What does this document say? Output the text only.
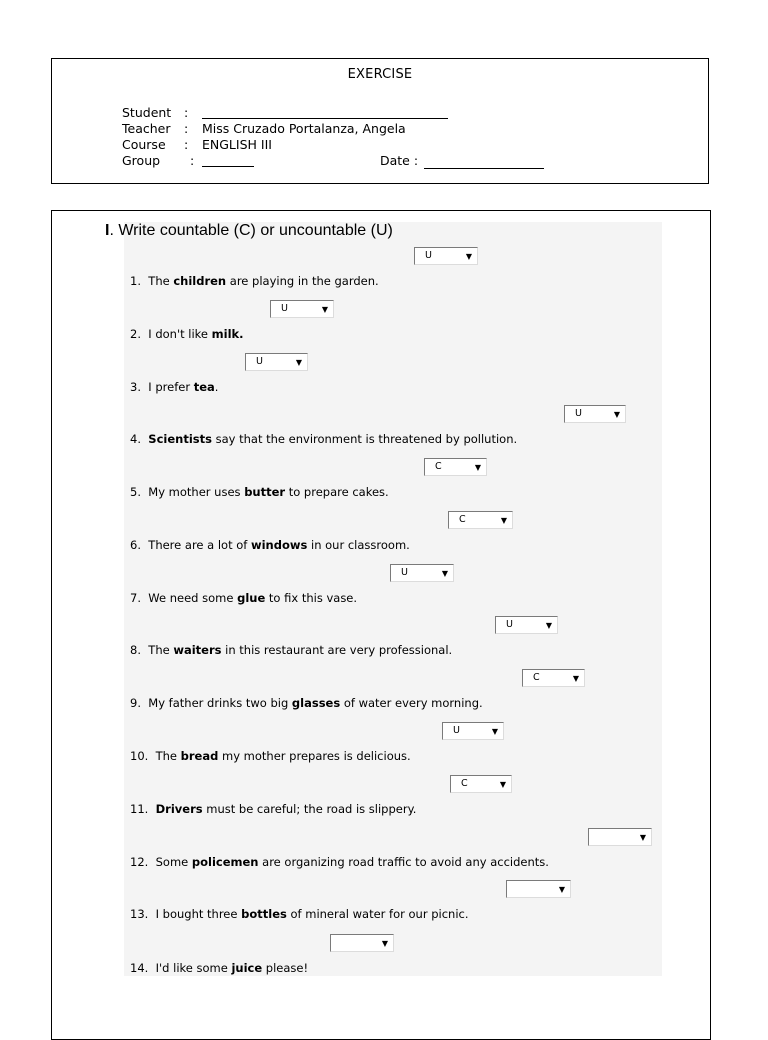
EXERCISE
Student	:
Teacher	: Miss Cruzado Portalanza, Angela
Course	: ENGLISH III
Group	:	Date :
I. Write countable (C) or uncountable (U)
U	▼
1. The children are playing in the garden.
U	▼
2. I don't like milk.
U	▼
3. I prefer tea.
U	▼
4. Scientists say that the environment is threatened by pollution.
C	▼
5. My mother uses butter to prepare cakes.
C	▼
6. There are a lot of windows in our classroom.
U	▼
7. We need some glue to fix this vase.
U	▼
8. The waiters in this restaurant are very professional.
C	▼
9. My father drinks two big glasses of water every morning.
U	▼
10. The bread my mother prepares is delicious.
C	▼
11. Drivers must be careful; the road is slippery.
▼
12. Some policemen are organizing road traffic to avoid any accidents.
▼
13. I bought three bottles of mineral water for our picnic.
▼
14. I'd like some juice please!
